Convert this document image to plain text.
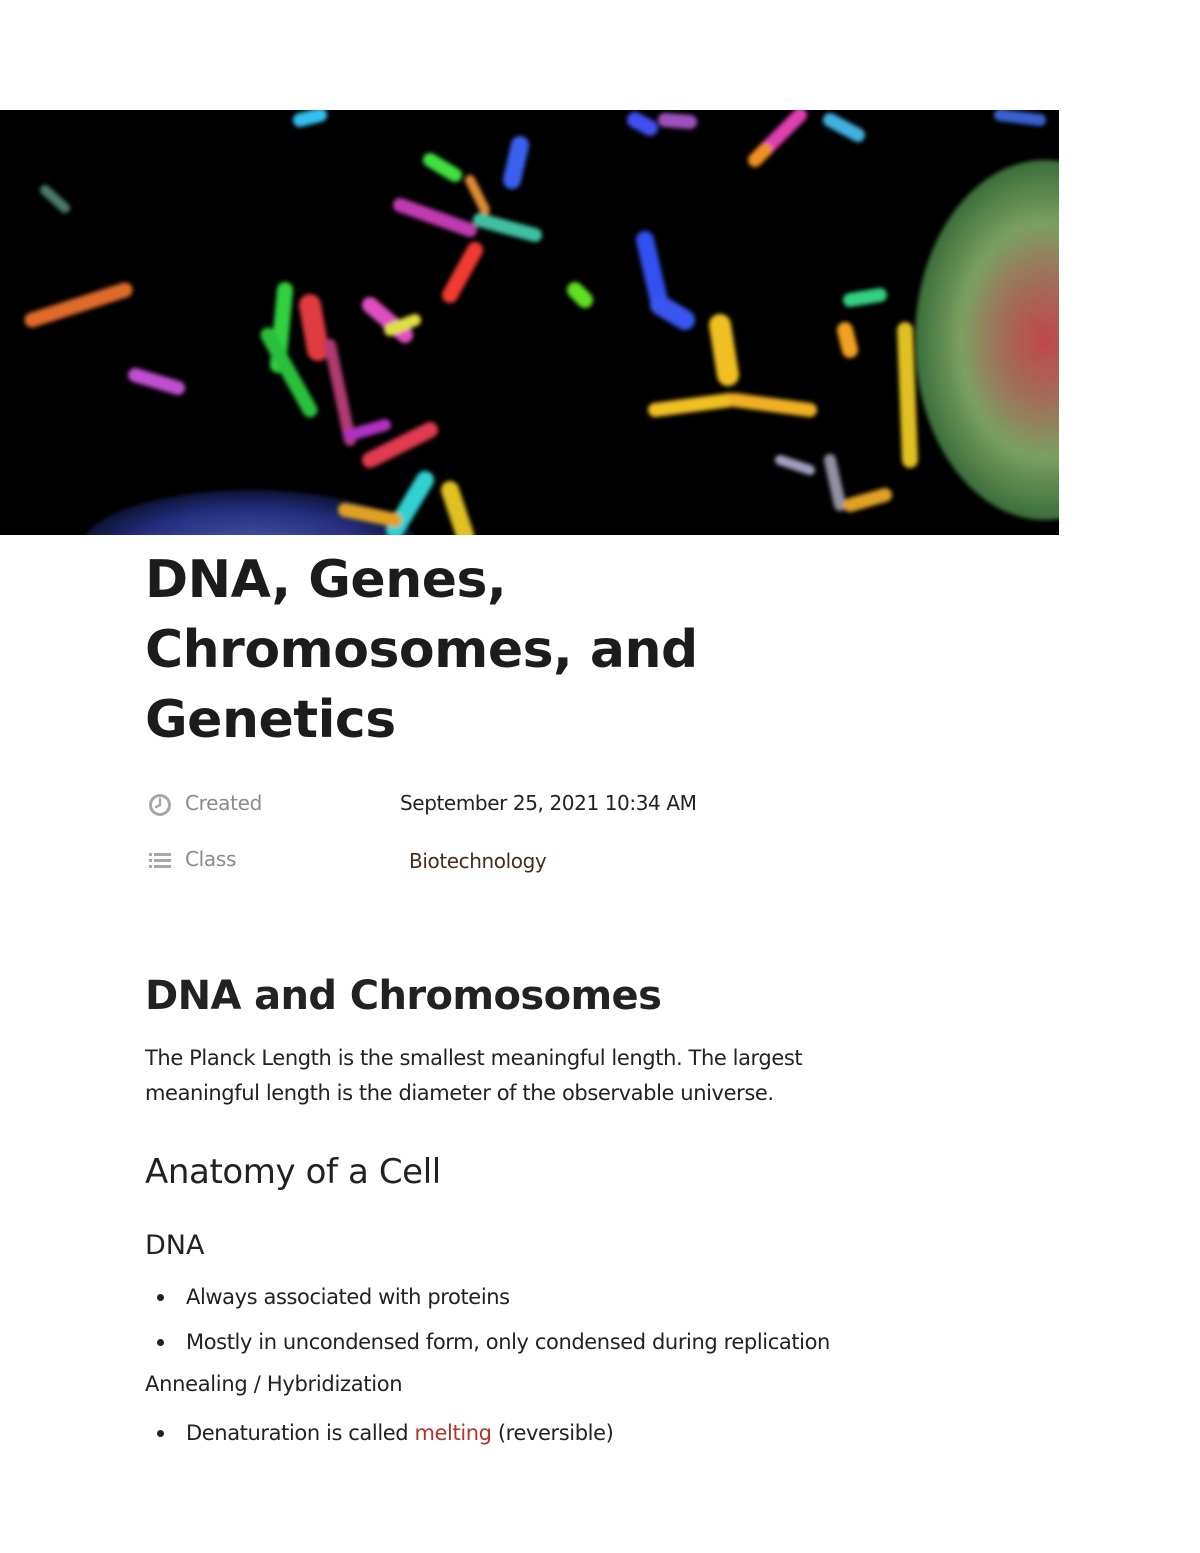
DNA, Genes, Chromosomes, and Genetics
Created	September 25, 2021 10:34 AM
Class	Biotechnology
DNA and Chromosomes

The Planck Length is the smallest meaningful length. The largest meaningful length is the diameter of the observable universe.

Anatomy of a Cell
DNA
Always associated with proteins
Mostly in uncondensed form, only condensed during replication
Annealing / Hybridization
Denaturation is called melting (reversible)
